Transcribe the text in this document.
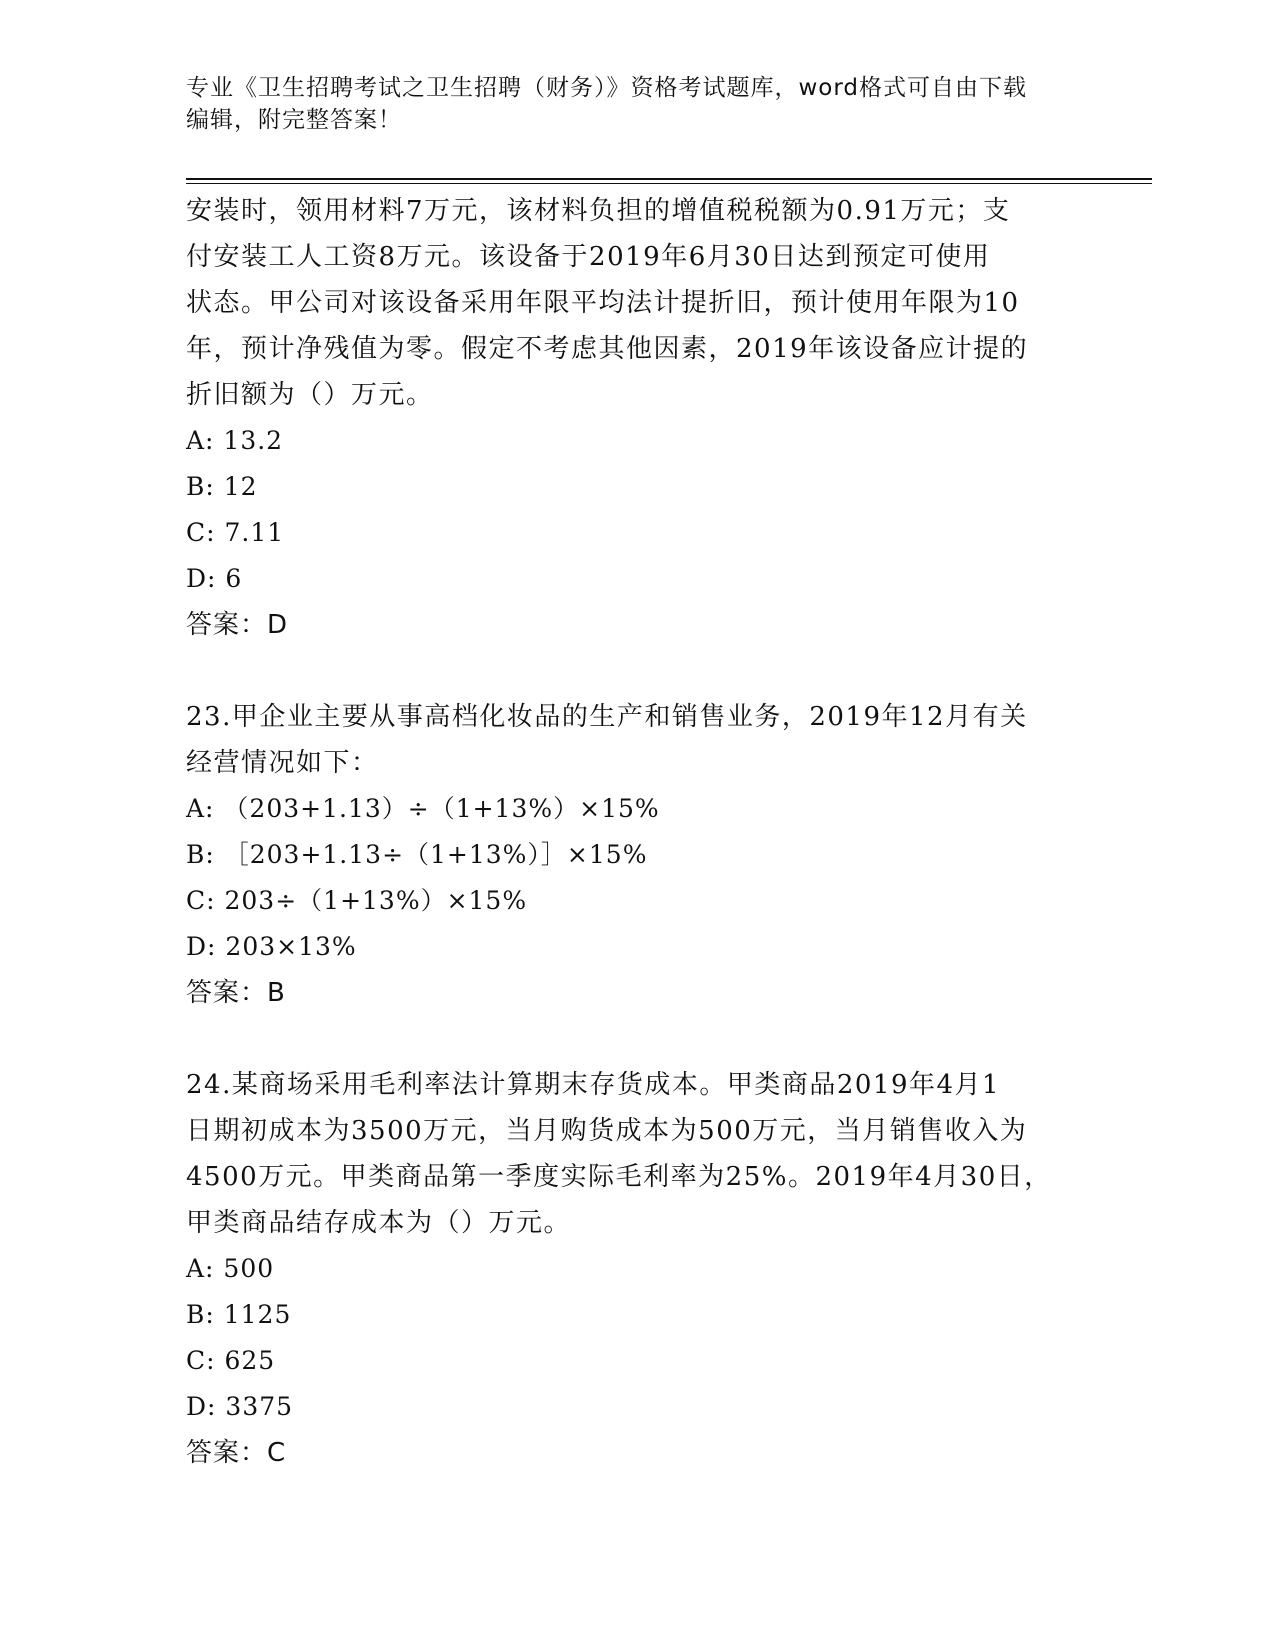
专业《卫生招聘考试之卫生招聘（财务）》资格考试题库，word格式可自由下载
编辑，附完整答案！
安装时，领用材料7万元，该材料负担的增值税税额为0.91万元；支
付安装工人工资8万元。该设备于2019年6月30日达到预定可使用
状态。甲公司对该设备采用年限平均法计提折旧，预计使用年限为10
年，预计净残值为零。假定不考虑其他因素，2019年该设备应计提的
折旧额为（）万元。
A: 13.2
B: 12
C: 7.11
D: 6
答案：D
23.甲企业主要从事高档化妆品的生产和销售业务，2019年12月有关
经营情况如下：
A: （203+1.13）÷（1+13%）×15%
B: ［203+1.13÷（1+13%）］×15%
C: 203÷（1+13%）×15%
D: 203×13%
答案：B
24.某商场采用毛利率法计算期末存货成本。甲类商品2019年4月1
日期初成本为3500万元，当月购货成本为500万元，当月销售收入为
4500万元。甲类商品第一季度实际毛利率为25%。2019年4月30日，
甲类商品结存成本为（）万元。
A: 500
B: 1125
C: 625
D: 3375
答案：C
